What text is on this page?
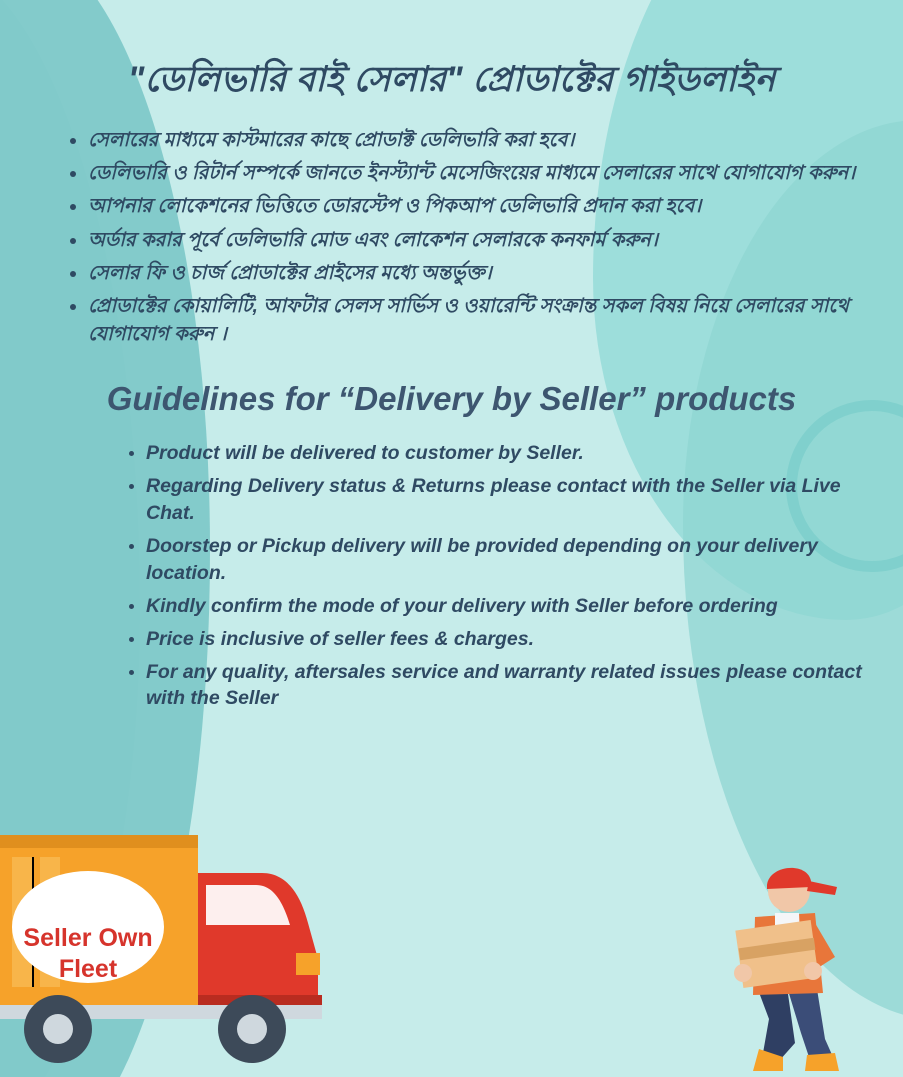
"ডেলিভারি বাই সেলার" প্রোডাক্টের গাইডলাইন
• সেলারের মাধ্যমে কাস্টমারের কাছে প্রোডাক্ট ডেলিভারি করা হবে।
• ডেলিভারি ও রিটার্ন সম্পর্কে জানতে ইনস্ট্যান্ট মেসেজিংয়ের মাধ্যমে সেলারের সাথে যোগাযোগ করুন।
• আপনার লোকেশনের ভিত্তিতে ডোরস্টেপ ও পিকআপ ডেলিভারি প্রদান করা হবে।
• অর্ডার করার পূর্বে ডেলিভারি মোড এবং লোকেশন সেলারকে কনফার্ম করুন।
• সেলার ফি ও চার্জ প্রোডাক্টের প্রাইসের মধ্যে অন্তর্ভুক্ত।
• প্রোডাক্টের কোয়ালিটি, আফটার সেলস সার্ভিস ও ওয়ারেন্টি সংক্রান্ত সকল বিষয় নিয়ে সেলারের সাথে যোগাযোগ করুন ।
Guidelines for “Delivery by Seller” products
• Product will be delivered to customer by Seller.
• Regarding Delivery status & Returns please contact with the Seller via Live Chat.
• Doorstep or Pickup delivery will be provided depending on your delivery location.
• Kindly confirm the mode of your delivery with Seller before ordering
• Price is inclusive of seller fees & charges.
• For any quality, aftersales service and warranty related issues please contact with the Seller
Seller Own Fleet
